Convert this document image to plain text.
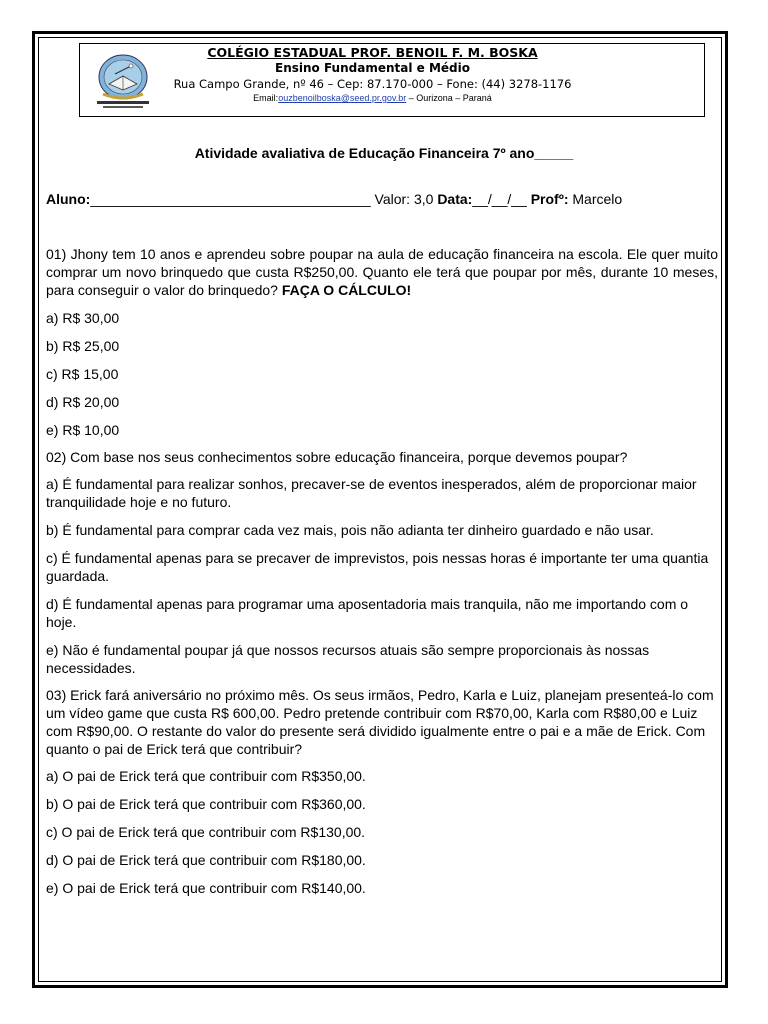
COLÉGIO ESTADUAL PROF. BENOIL F. M. BOSKA
Ensino Fundamental e Médio
Rua Campo Grande, nº 46 – Cep: 87.170-000 – Fone: (44) 3278-1176
Email:ouzbenoilboska@seed.pr.gov.br – Ourizona – Paraná
Atividade avaliativa de Educação Financeira 7º ano_____
Aluno:____________________________________ Valor: 3,0 Data:__/__/__ Profº: Marcelo

01) Jhony tem 10 anos e aprendeu sobre poupar na aula de educação financeira na escola. Ele quer muito comprar um novo brinquedo que custa R$250,00. Quanto ele terá que poupar por mês, durante 10 meses, para conseguir o valor do brinquedo? FAÇA O CÁLCULO!

a) R$ 30,00

b) R$ 25,00

c) R$ 15,00

d) R$ 20,00

e) R$ 10,00

02) Com base nos seus conhecimentos sobre educação financeira, porque devemos poupar?

a) É fundamental para realizar sonhos, precaver-se de eventos inesperados, além de proporcionar maior tranquilidade hoje e no futuro.

b) É fundamental para comprar cada vez mais, pois não adianta ter dinheiro guardado e não usar.

c) É fundamental apenas para se precaver de imprevistos, pois nessas horas é importante ter uma quantia guardada.

d) É fundamental apenas para programar uma aposentadoria mais tranquila, não me importando com o hoje.

e) Não é fundamental poupar já que nossos recursos atuais são sempre proporcionais às nossas necessidades.

03) Erick fará aniversário no próximo mês. Os seus irmãos, Pedro, Karla e Luiz, planejam presenteá-lo com um vídeo game que custa R$ 600,00. Pedro pretende contribuir com R$70,00, Karla com R$80,00 e Luiz com R$90,00. O restante do valor do presente será dividido igualmente entre o pai e a mãe de Erick. Com quanto o pai de Erick terá que contribuir?

a) O pai de Erick terá que contribuir com R$350,00.

b) O pai de Erick terá que contribuir com R$360,00.

c) O pai de Erick terá que contribuir com R$130,00.

d) O pai de Erick terá que contribuir com R$180,00.

e) O pai de Erick terá que contribuir com R$140,00.
